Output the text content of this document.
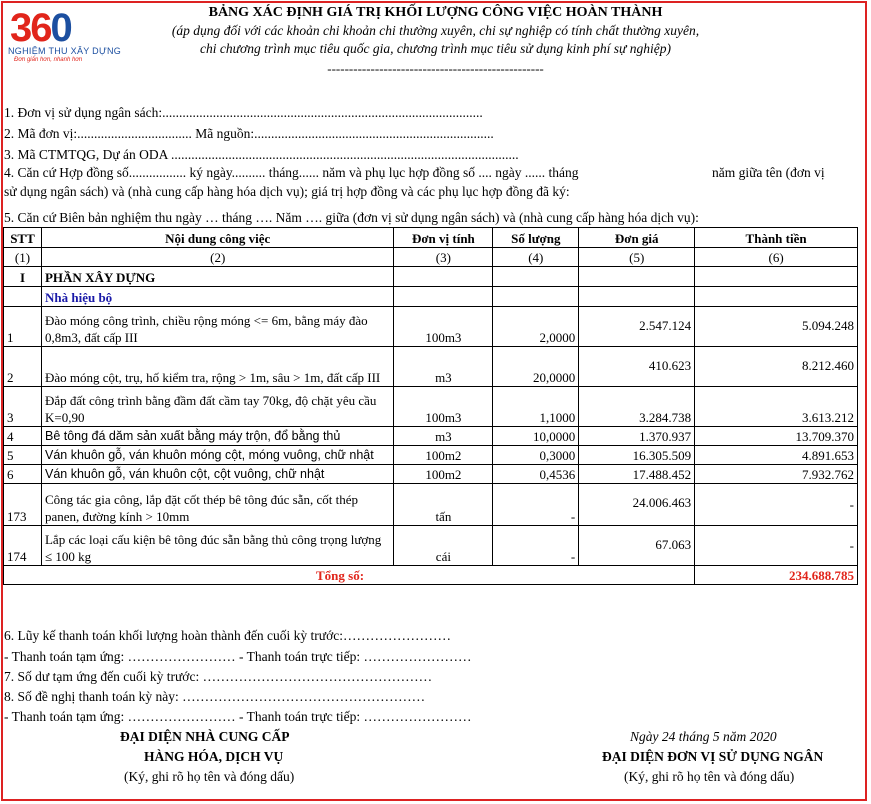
360
NGHIỆM THU XÂY DỰNG
Đơn giản hơn, nhanh hơn
BẢNG XÁC ĐỊNH GIÁ TRỊ KHỐI LƯỢNG CÔNG VIỆC HOÀN THÀNH
(áp dụng đối với các khoản chi khoản chi thường xuyên, chi sự nghiệp có tính chất thường xuyên,
chi chương trình mục tiêu quốc gia, chương trình mục tiêu sử dụng kinh phí sự nghiệp)
--------------------------------------------------
1. Đơn vị sử dụng ngân sách:...............................................................................................
2. Mã đơn vị:.................................. Mã nguồn:.......................................................................
3. Mã CTMTQG, Dự án ODA .......................................................................................................
4. Căn cứ Hợp đồng số................. ký ngày.......... tháng...... năm và phụ lục hợp đồng số .... ngày ...... tháng	năm giữa tên (đơn vị
sử dụng ngân sách) và (nhà cung cấp hàng hóa dịch vụ); giá trị hợp đồng và các phụ lục hợp đồng đã ký:
5. Căn cứ Biên bản nghiệm thu ngày … tháng …. Năm …. giữa (đơn vị sử dụng ngân sách) và (nhà cung cấp hàng hóa dịch vụ):
STT	Nội dung công việc	Đơn vị tính	Số lượng	Đơn giá	Thành tiền
(1)	(2)	(3)	(4)	(5)	(6)
I	PHẦN XÂY DỰNG				
	Nhà hiệu bộ				
1	Đào móng công trình, chiều rộng móng <= 6m, bằng máy đào 0,8m3, đất cấp III	100m3	2,0000	2.547.124	5.094.248
2	Đào móng cột, trụ, hố kiểm tra, rộng > 1m, sâu > 1m, đất cấp III	m3	20,0000	410.623	8.212.460
3	Đắp đất công trình bằng đầm đất cầm tay 70kg, độ chặt yêu cầu K=0,90	100m3	1,1000	3.284.738	3.613.212
4	Bê tông đá dăm sản xuất bằng máy trộn, đổ bằng thủ	m3	10,0000	1.370.937	13.709.370
5	Ván khuôn gỗ, ván khuôn móng cột, móng vuông, chữ nhật	100m2	0,3000	16.305.509	4.891.653
6	Ván khuôn gỗ, ván khuôn cột, cột vuông, chữ nhật	100m2	0,4536	17.488.452	7.932.762
173	Công tác gia công, lắp đặt cốt thép bê tông đúc sẵn, cốt thép panen, đường kính > 10mm	tấn	-	24.006.463	-
174	Lắp các loại cấu kiện bê tông đúc sẵn bằng thủ công trọng lượng ≤ 100 kg	cái	-	67.063	-
Tổng số:					234.688.785
6. Lũy kế thanh toán khối lượng hoàn thành đến cuối kỳ trước:……………………
- Thanh toán tạm ứng: …………………… - Thanh toán trực tiếp: ……………………
7. Số dư tạm ứng đến cuối kỳ trước: ……………………………………………
8. Số đề nghị thanh toán kỳ này: ………………………………………………
- Thanh toán tạm ứng: …………………… - Thanh toán trực tiếp: ……………………
Ngày 24 tháng 5 năm 2020
ĐẠI DIỆN NHÀ CUNG CẤP
HÀNG HÓA, DỊCH VỤ
(Ký, ghi rõ họ tên và đóng dấu)
ĐẠI DIỆN ĐƠN VỊ SỬ DỤNG NGÂN
(Ký, ghi rõ họ tên và đóng dấu)
